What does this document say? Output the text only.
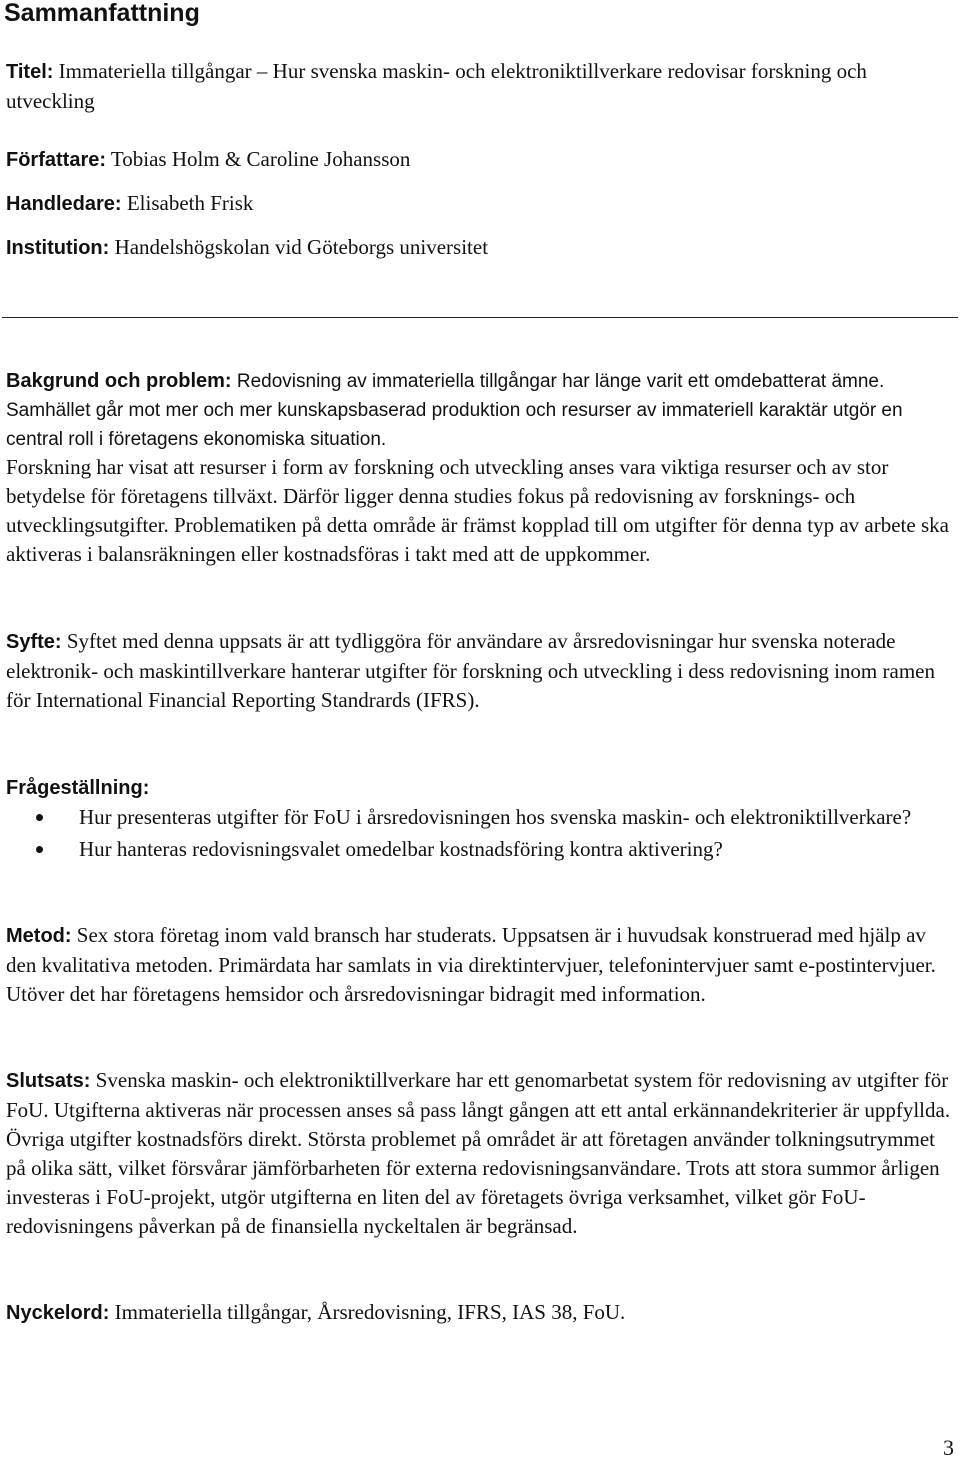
Sammanfattning

Titel: Immateriella tillgångar – Hur svenska maskin- och elektroniktillverkare redovisar forskning och utveckling

Författare: Tobias Holm & Caroline Johansson

Handledare: Elisabeth Frisk

Institution: Handelshögskolan vid Göteborgs universitet

Bakgrund och problem: Redovisning av immateriella tillgångar har länge varit ett omdebatterat ämne. Samhället går mot mer och mer kunskapsbaserad produktion och resurser av immateriell karaktär utgör en central roll i företagens ekonomiska situation.

Forskning har visat att resurser i form av forskning och utveckling anses vara viktiga resurser och av stor betydelse för företagens tillväxt. Därför ligger denna studies fokus på redovisning av forsknings- och utvecklingsutgifter. Problematiken på detta område är främst kopplad till om utgifter för denna typ av arbete ska aktiveras i balansräkningen eller kostnadsföras i takt med att de uppkommer.

Syfte: Syftet med denna uppsats är att tydliggöra för användare av årsredovisningar hur svenska noterade elektronik- och maskintillverkare hanterar utgifter för forskning och utveckling i dess redovisning inom ramen för International Financial Reporting Standrards (IFRS).

Frågeställning:

Hur presenteras utgifter för FoU i årsredovisningen hos svenska maskin- och elektroniktillverkare?
Hur hanteras redovisningsvalet omedelbar kostnadsföring kontra aktivering?

Metod: Sex stora företag inom vald bransch har studerats. Uppsatsen är i huvudsak konstruerad med hjälp av den kvalitativa metoden. Primärdata har samlats in via direktintervjuer, telefonintervjuer samt e-postintervjuer. Utöver det har företagens hemsidor och årsredovisningar bidragit med information.

Slutsats: Svenska maskin- och elektroniktillverkare har ett genomarbetat system för redovisning av utgifter för FoU. Utgifterna aktiveras när processen anses så pass långt gången att ett antal erkännandekriterier är uppfyllda. Övriga utgifter kostnadsförs direkt. Största problemet på området är att företagen använder tolkningsutrymmet på olika sätt, vilket försvårar jämförbarheten för externa redovisningsanvändare. Trots att stora summor årligen investeras i FoU-projekt, utgör utgifterna en liten del av företagets övriga verksamhet, vilket gör FoU-redovisningens påverkan på de finansiella nyckeltalen är begränsad.

Nyckelord: Immateriella tillgångar, Årsredovisning, IFRS, IAS 38, FoU.

3
